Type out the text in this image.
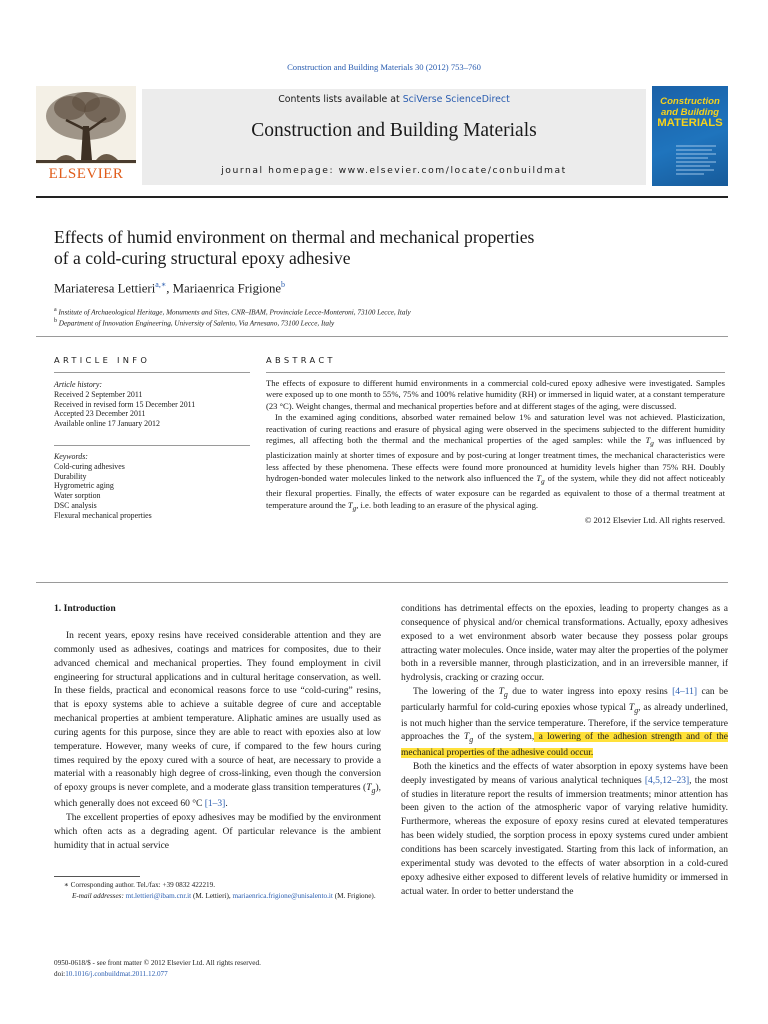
Construction and Building Materials 30 (2012) 753–760
ELSEVIER
Contents lists available at SciVerse ScienceDirect
Construction and Building Materials
journal homepage: www.elsevier.com/locate/conbuildmat
Construction
and Building
MATERIALS
Effects of humid environment on thermal and mechanical properties
of a cold-curing structural epoxy adhesive
Mariateresa Lettieri$^{a,∗}$, Mariaenrica Frigione$^b$
$^a$ Institute of Archaeological Heritage, Monuments and Sites, CNR–IBAM, Provinciale Lecce-Monteroni, 73100 Lecce, Italy
$^b$ Department of Innovation Engineering, University of Salento, Via Arnesano, 73100 Lecce, Italy
ARTICLE INFO
Article history:
Received 2 September 2011
Received in revised form 15 December 2011
Accepted 23 December 2011
Available online 17 January 2012
Keywords:
Cold-curing adhesives
Durability
Hygrometric aging
Water sorption
DSC analysis
Flexural mechanical properties
ABSTRACT

The effects of exposure to different humid environments in a commercial cold-cured epoxy adhesive were investigated. Samples were exposed up to one month to 55%, 75% and 100% relative humidity (RH) or immersed in liquid water, at a constant temperature (23 °C). Weight changes, thermal and mechanical properties before and at different stages of the aging, were discussed.

In the examined aging conditions, absorbed water remained below 1% and saturation level was not achieved. Plasticization, reactivation of curing reactions and erasure of physical aging were observed in the specimens subjected to the different humidity regimes, all affecting both the thermal and the mechanical properties of the aged samples: while the $T_g$ was influenced by plasticization mainly at shorter times of exposure and by post-curing at longer treatment times, the mechanical characteristics were less affected by these phenomena. These effects were found more pronounced at humidity levels higher than 75% RH. Doubly hydrogen-bonded water molecules linked to the network also influenced the $T_g$ of the system, while they did not affect noticeably their flexural properties. Finally, the effects of water exposure can be regarded as equivalent to those of a thermal treatment at temperature around the $T_g$, i.e. both leading to an erasure of the physical aging.

© 2012 Elsevier Ltd. All rights reserved.
1. Introduction

In recent years, epoxy resins have received considerable attention and they are commonly used as adhesives, coatings and matrices for composites, due to their advanced chemical and mechanical properties. They found employment in civil engineering for structural applications and in cultural heritage conservation, as well. In these fields, practical and economical reasons force to use “cold-curing” resins, that is epoxy systems able to achieve a suitable degree of cure and acceptable mechanical properties at ambient temperature. Aliphatic amines are usually used as curing agents for this purpose, since they are able to react with epoxies also at low temperature. However, many weeks of cure, if compared to the few hours curing times required by the epoxy cured with a source of heat, are necessary to provide a material with a reasonably high degree of cross-linking, even though the conversion of epoxy groups is never complete, and a moderate glass transition temperatures $(T_g)$, which generally does not exceed 60 °C [1–3].

The excellent properties of epoxy adhesives may be modified by the environment which often acts as a degrading agent. Of particular relevance is the ambient humidity that in actual service

conditions has detrimental effects on the epoxies, leading to property changes as a consequence of physical and/or chemical transformations. Actually, epoxy adhesives exposed to a wet environment absorb water because they possess polar groups attracting water molecules. Once inside, water may alter the properties of the polymer both in a reversible manner, through plasticization, and in an irreversible manner, if hydrolysis, cracking or crazing occur.

The lowering of the $T_g$ due to water ingress into epoxy resins [4–11] can be particularly harmful for cold-curing epoxies whose typical $T_g$, as already underlined, is not much higher than the service temperature. Therefore, if the service temperature approaches the $T_g$ of the system, a lowering of the adhesion strength and of the mechanical properties of the adhesive could occur.

Both the kinetics and the effects of water absorption in epoxy systems have been deeply investigated by means of various analytical techniques [4,5,12–23], the most of studies in literature report the results of immersion treatments; minor attention has been given to the action of the atmospheric vapor of varying relative humidity. Furthermore, whereas the exposure of epoxy resins cured at elevated temperatures has been widely studied, the sorption process in epoxy systems cured under ambient conditions has been scarcely investigated. Starting from this lack of information, an experimental study was devoted to the effects of water absorption in a cold-cured epoxy adhesive either exposed to different levels of relative humidity or immersed in actual water. In order to better understand the

∗ Corresponding author. Tel./fax: +39 0832 422219.
E-mail addresses: mt.lettieri@ibam.cnr.it (M. Lettieri), mariaenrica.frigione@unisalento.it (M. Frigione).
0950-0618/$ - see front matter © 2012 Elsevier Ltd. All rights reserved.
doi:10.1016/j.conbuildmat.2011.12.077
